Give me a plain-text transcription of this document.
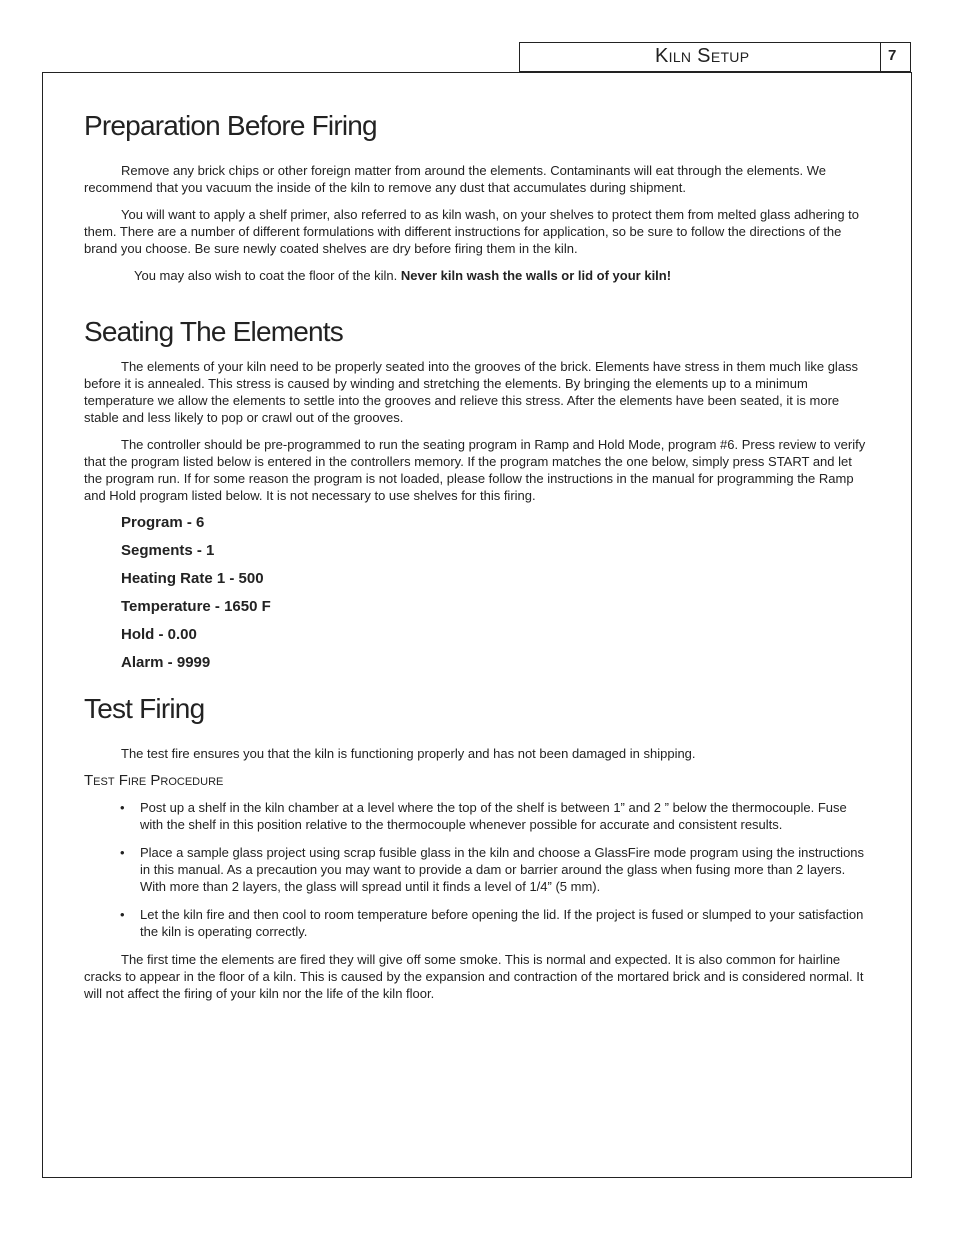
Kiln Setup	7
Preparation Before Firing

Remove any brick chips or other foreign matter from around the elements. Contaminants will eat through the elements. We recommend that you vacuum the inside of the kiln to remove any dust that accumulates during shipment.

You will want to apply a shelf primer, also referred to as kiln wash, on your shelves to protect them from melted glass adhering to them. There are a number of different formulations with different instructions for application, so be sure to follow the directions of the brand you choose. Be sure newly coated shelves are dry before firing them in the kiln.

You may also wish to coat the floor of the kiln. Never kiln wash the walls or lid of your kiln!

Seating The Elements

The elements of your kiln need to be properly seated into the grooves of the brick. Elements have stress in them much like glass before it is annealed. This stress is caused by winding and stretching the elements. By bringing the elements up to a minimum temperature we allow the elements to settle into the grooves and relieve this stress. After the elements have been seated, it is more stable and less likely to pop or crawl out of the grooves.

The controller should be pre-programmed to run the seating program in Ramp and Hold Mode, program #6. Press review to verify that the program listed below is entered in the controllers memory. If the program matches the one below, simply press START and let the program run. If for some reason the program is not loaded, please follow the instructions in the manual for programming the Ramp and Hold program listed below. It is not necessary to use shelves for this firing.

Program - 6
Segments - 1
Heating Rate 1 - 500
Temperature - 1650 F
Hold - 0.00
Alarm - 9999
Test Firing

The test fire ensures you that the kiln is functioning properly and has not been damaged in shipping.

Test Fire Procedure
• Post up a shelf in the kiln chamber at a level where the top of the shelf is between 1” and 2 ” below the thermocouple. Fuse with the shelf in this position relative to the thermocouple whenever possible for accurate and consistent results.
• Place a sample glass project using scrap fusible glass in the kiln and choose a GlassFire mode program using the instructions in this manual. As a precaution you may want to provide a dam or barrier around the glass when fusing more than 2 layers. With more than 2 layers, the glass will spread until it finds a level of 1/4” (5 mm).
• Let the kiln fire and then cool to room temperature before opening the lid. If the project is fused or slumped to your satisfaction the kiln is operating correctly.

The first time the elements are fired they will give off some smoke. This is normal and expected. It is also common for hairline cracks to appear in the floor of a kiln. This is caused by the expansion and contraction of the mortared brick and is considered normal. It will not affect the firing of your kiln nor the life of the kiln floor.
